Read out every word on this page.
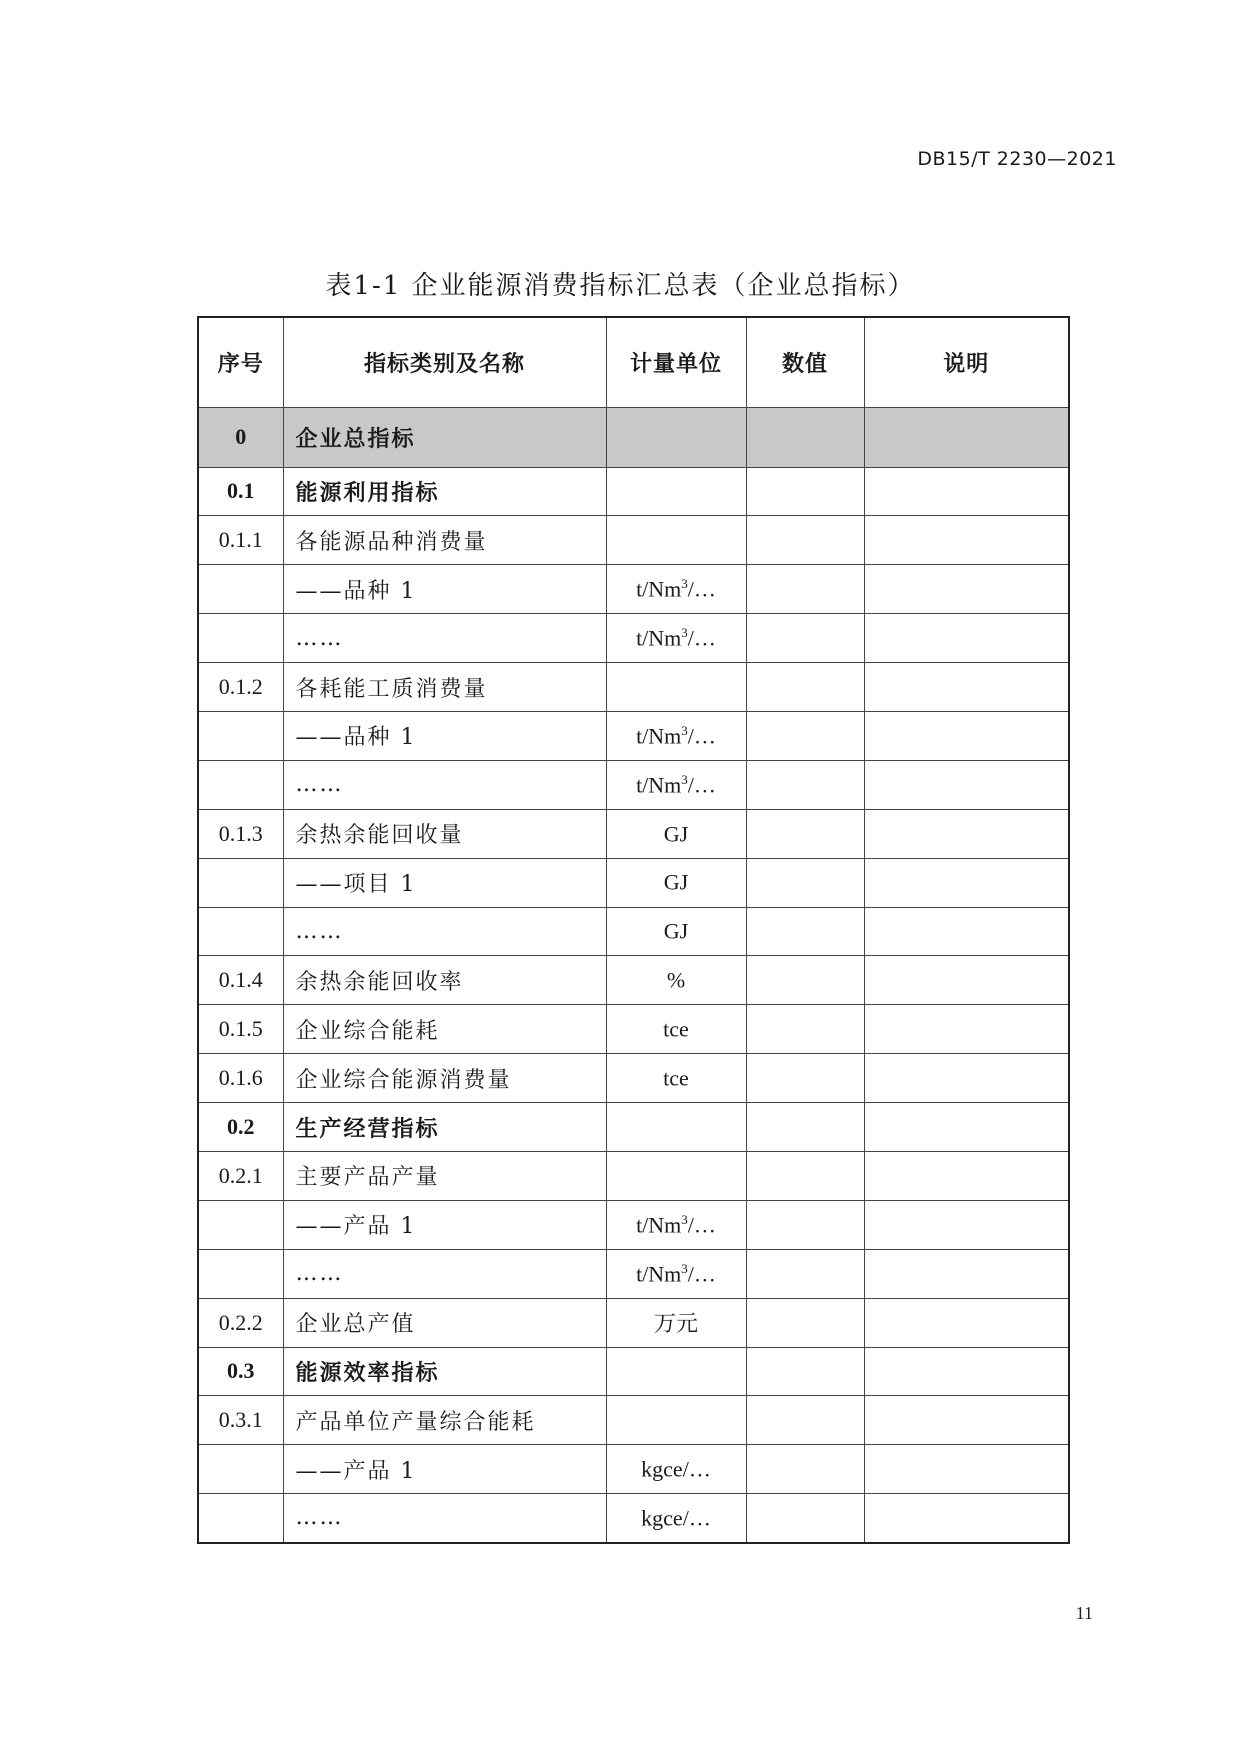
DB15/T 2230—2021
表1-1 企业能源消费指标汇总表（企业总指标）
序号	指标类别及名称	计量单位	数值	说明
0	企业总指标			
0.1	能源利用指标			
0.1.1	各能源品种消费量			
	——品种 1	t/Nm$^3$/…		
	……	t/Nm$^3$/…		
0.1.2	各耗能工质消费量			
	——品种 1	t/Nm$^3$/…		
	……	t/Nm$^3$/…		
0.1.3	余热余能回收量	GJ		
	——项目 1	GJ		
	……	GJ		
0.1.4	余热余能回收率	%		
0.1.5	企业综合能耗	tce		
0.1.6	企业综合能源消费量	tce		
0.2	生产经营指标			
0.2.1	主要产品产量			
	——产品 1	t/Nm$^3$/…		
	……	t/Nm$^3$/…		
0.2.2	企业总产值	万元		
0.3	能源效率指标			
0.3.1	产品单位产量综合能耗			
	——产品 1	kgce/…		
	……	kgce/…		
11
